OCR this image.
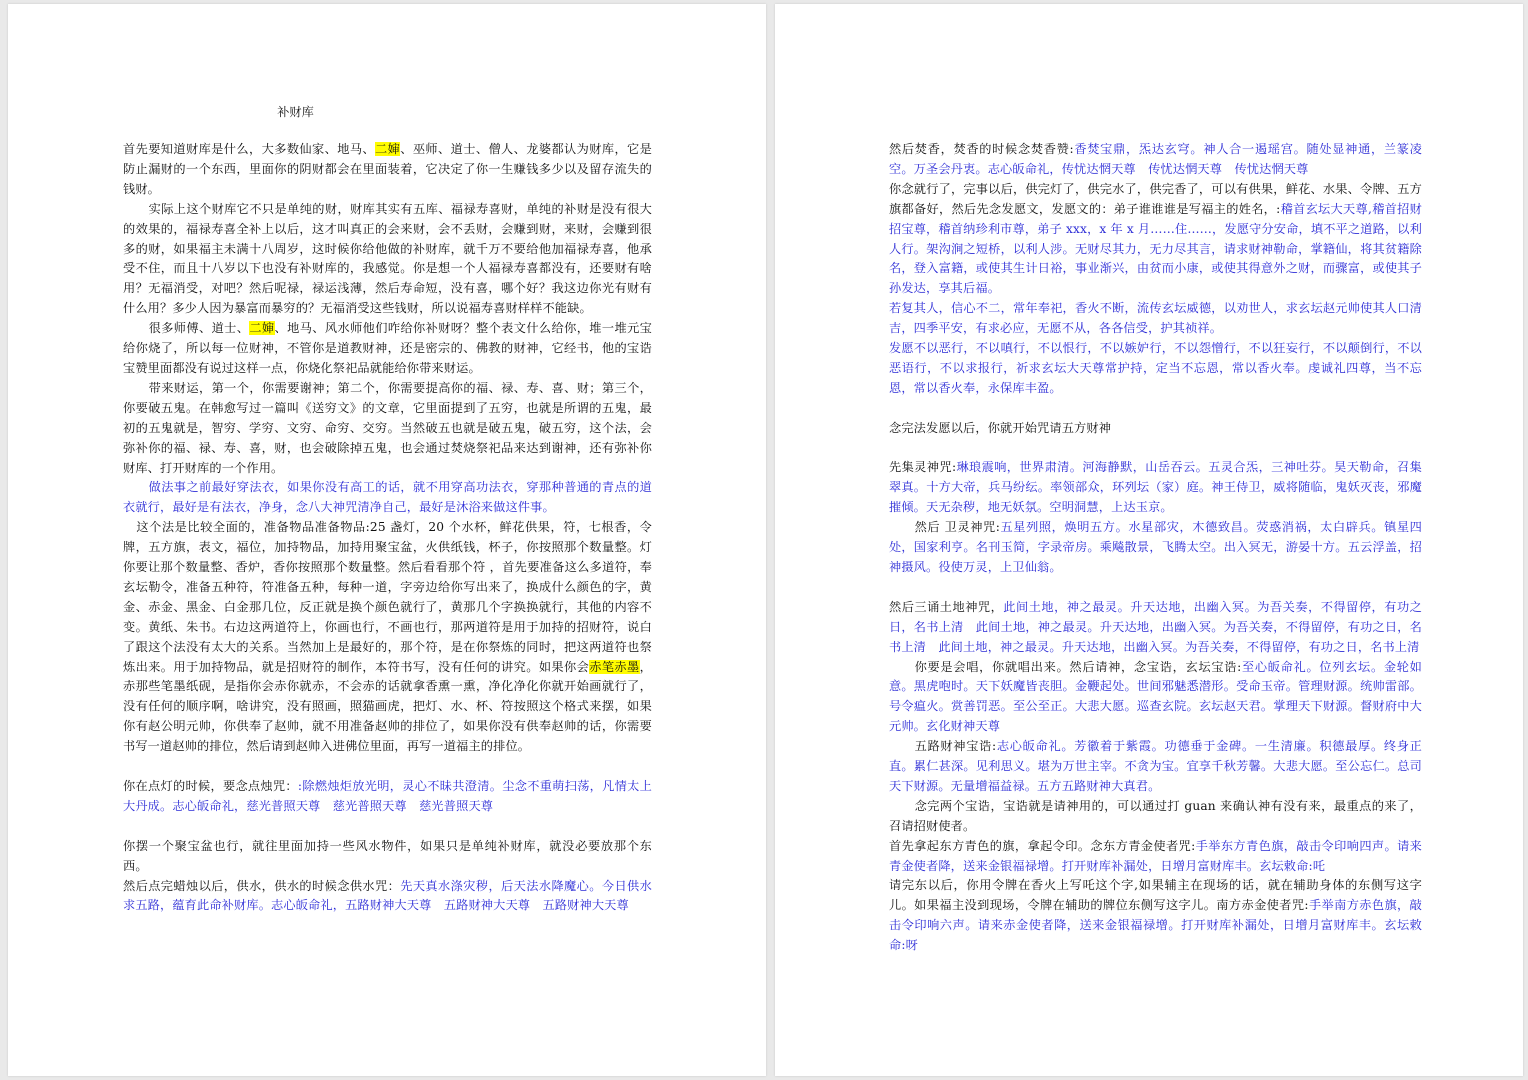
补财库

首先要知道财库是什么，大多数仙家、地马、二婶、巫师、道士、僧人、龙婆都认为财库，它是防止漏财的一个东西，里面你的阴财都会在里面装着，它决定了你一生赚钱多少以及留存流失的钱财。

实际上这个财库它不只是单纯的财，财库其实有五库、福禄寿喜财，单纯的补财是没有很大的效果的，福禄寿喜全补上以后，这才叫真正的会来财，会不丢财，会赚到财，来财，会赚到很多的财，如果福主未满十八周岁，这时候你给他做的补财库，就千万不要给他加福禄寿喜，他承受不住，而且十八岁以下也没有补财库的，我感觉。你是想一个人福禄寿喜都没有，还要财有啥用？无福消受，对吧？然后呢禄，禄运浅薄，然后寿命短，没有喜，哪个好？我这边你光有财有什么用？多少人因为暴富而暴穷的？无福消受这些钱财，所以说福寿喜财样样不能缺。

很多师傅、道士、二婶、地马、风水师他们咋给你补财呀？整个表文什么给你，堆一堆元宝给你烧了，所以每一位财神，不管你是道教财神，还是密宗的、佛教的财神，它经书，他的宝诰宝赞里面都没有说过这样一点，你烧化祭祀品就能给你带来财运。

带来财运，第一个，你需要谢神；第二个，你需要提高你的福、禄、寿、喜、财；第三个，你要破五鬼。在韩愈写过一篇叫《送穷文》的文章，它里面提到了五穷，也就是所谓的五鬼，最初的五鬼就是，智穷、学穷、文穷、命穷、交穷。当然破五也就是破五鬼，破五穷，这个法，会弥补你的福、禄、寿、喜，财，也会破除掉五鬼，也会通过焚烧祭祀品来达到谢神，还有弥补你财库、打开财库的一个作用。

做法事之前最好穿法衣，如果你没有高工的话，就不用穿高功法衣，穿那种普通的青点的道衣就行，最好是有法衣，净身，念八大神咒清净自己，最好是沐浴来做这件事。

这个法是比较全面的，准备物品准备物品:25 盏灯，20 个水杯，鲜花供果，符，七根香，令牌，五方旗，表文，福位，加持物品，加持用聚宝盆，火供纸钱，杯子，你按照那个数量整。灯你要让那个数量整、香炉，香你按照那个数量整。然后看看那个符 ，首先要准备这么多道符，奉玄坛勒令，准备五种符，符准备五种，每种一道，字旁边给你写出来了，换成什么颜色的字，黄金、赤金、黑金、白金那几位，反正就是换个颜色就行了，黄那几个字换换就行，其他的内容不变。黄纸、朱书。右边这两道符上，你画也行，不画也行，那两道符是用于加持的招财符，说白了跟这个法没有太大的关系。当然加上是最好的，那个符，是在你祭炼的同时，把这两道符也祭炼出来。用于加持物品，就是招财符的制作，本符书写，没有任何的讲究。如果你会赤笔赤墨，赤那些笔墨纸砚，是指你会赤你就赤，不会赤的话就拿香熏一熏，净化净化你就开始画就行了，没有任何的顺序啊，啥讲究，没有照画，照猫画虎，把灯、水、杯、符按照这个格式来摆，如果你有赵公明元帅，你供奉了赵帅，就不用准备赵帅的排位了，如果你没有供奉赵帅的话，你需要书写一道赵帅的排位，然后请到赵帅入进佛位里面，再写一道福主的排位。

你在点灯的时候，要念点烛咒：:除燃烛炬放光明，灵心不昧共澄清。尘念不重萌扫荡，凡情太上大丹成。志心皈命礼，慈光普照天尊　慈光普照天尊　慈光普照天尊

你摆一个聚宝盆也行，就往里面加持一些风水物件，如果只是单纯补财库，就没必要放那个东西。

然后点完蜡烛以后，供水，供水的时候念供水咒：先天真水涤灾秽，后天法水降魔心。今日供水求五路，蕴育此命补财库。志心皈命礼，五路财神大天尊　五路财神大天尊　五路财神大天尊

然后焚香，焚香的时候念焚香赞:香焚宝鼎，炁达玄穹。神人合一遏瑶宫。随处显神通，兰篆凌空。万圣会丹衷。志心皈命礼，传忧达惘天尊　传忧达惘天尊　传忧达惘天尊

你念就行了，完事以后，供完灯了，供完水了，供完香了，可以有供果，鲜花、水果、令牌、五方旗都备好，然后先念发愿文，发愿文的：弟子谁谁谁是写福主的姓名，:稽首玄坛大天尊,稽首招财招宝尊，稽首纳珍利市尊，弟子 xxx，x 年 x 月……住……，发愿守分安命，填不平之道路，以利人行。架沟涧之短桥，以利人涉。无财尽其力，无力尽其言，请求财神勒命，掌籍仙，将其贫籍除名，登入富籍，或使其生计日裕，事业渐兴，由贫而小康，或使其得意外之财，而骤富，或使其子孙发达，享其后福。

若复其人，信心不二，常年奉祀，香火不断，流传玄坛威德，以劝世人，求玄坛赵元帅使其人口清吉，四季平安，有求必应，无愿不从，各各信受，护其祯祥。

发愿不以恶行，不以嗔行，不以恨行，不以嫉妒行，不以怨憎行，不以狂妄行，不以颠倒行，不以恶语行，不以求报行，祈求玄坛大天尊常护持，定当不忘恩，常以香火奉。虔诚礼四尊，当不忘恩，常以香火奉，永保库丰盈。

念完法发愿以后，你就开始咒请五方财神

先集灵神咒:琳琅震响，世界肃清。河海静默，山岳吞云。五灵合炁，三神吐芬。昊天勒命，召集翠真。十方大帝，兵马纷纭。率领部众，环列坛（家）庭。神王侍卫，威将随临，鬼妖灭丧，邪魔摧倾。天无杂秽，地无妖氛。空明洞慧，上达玉京。

然后 卫灵神咒:五星列照，焕明五方。水星部灾，木德致昌。荧惑消祸，太白辟兵。镇星四处，国家利亨。名刊玉简，字录帝房。乘飚散景，飞腾太空。出入冥无，游晏十方。五云浮盖，招神摄风。役使万灵，上卫仙翁。

然后三诵土地神咒，此间土地，神之最灵。升天达地，出幽入冥。为吾关奏，不得留停，有功之日，名书上清　此间土地，神之最灵。升天达地，出幽入冥。为吾关奏，不得留停，有功之日，名书上清　此间土地，神之最灵。升天达地，出幽入冥。为吾关奏，不得留停，有功之日，名书上清

你要是会唱，你就唱出来。然后请神，念宝诰，玄坛宝诰:至心皈命礼。位列玄坛。金轮如意。黑虎咆时。天下妖魔皆丧胆。金鞭起处。世间邪魅悉潜形。受命玉帝。管理财源。统帅雷部。号令瘟火。赏善罚恶。至公至正。大悲大愿。巡查玄院。玄坛赵天君。掌理天下财源。督财府中大元帅。玄化财神天尊

五路财神宝诰:志心皈命礼。芳徽着于紫霞。功德垂于金碑。一生清廉。积德最厚。终身正直。累仁甚深。见利思义。堪为万世主宰。不贪为宝。宜享千秋芳馨。大悲大愿。至公忘仁。总司天下财源。无量增福益禄。五方五路财神大真君。

念完两个宝诰，宝诰就是请神用的，可以通过打 guan 来确认神有没有来，最重点的来了，召请招财使者。

首先拿起东方青色的旗，拿起令印。念东方青金使者咒:手举东方青色旗，敲击令印响四声。请来青金使者降，送来金银福禄增。打开财库补漏处，日增月富财库丰。玄坛敕命:吒

请完东以后，你用令牌在香火上写吒这个字,如果辅主在现场的话，就在辅助身体的东侧写这字儿。如果福主没到现场，令牌在辅助的牌位东侧写这字儿。南方赤金使者咒:手举南方赤色旗，敲击令印响六声。请来赤金使者降，送来金银福禄增。打开财库补漏处，日增月富财库丰。玄坛敕命:呀
